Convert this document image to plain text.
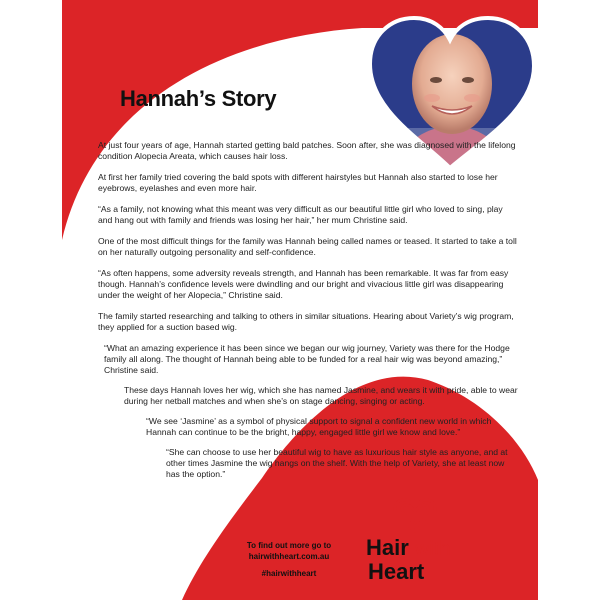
Hannah’s Story

At just four years of age, Hannah started getting bald patches. Soon after, she was diagnosed with the lifelong condition Alopecia Areata, which causes hair loss.

At first her family tried covering the bald spots with different hairstyles but Hannah also started to lose her eyebrows, eyelashes and even more hair.

“As a family, not knowing what this meant was very difficult as our beautiful little girl who loved to sing, play and hang out with family and friends was losing her hair,” her mum Christine said.

One of the most difficult things for the family was Hannah being called names or teased. It started to take a toll on her naturally outgoing personality and self-confidence.

“As often happens, some adversity reveals strength, and Hannah has been remarkable. It was far from easy though. Hannah’s confidence levels were dwindling and our bright and vivacious little girl was disappearing under the weight of her Alopecia,” Christine said.

The family started researching and talking to others in similar situations. Hearing about Variety’s wig program, they applied for a suction based wig.

“What an amazing experience it has been since we began our wig journey, Variety was there for the Hodge family all along. The thought of Hannah being able to be funded for a real hair wig was beyond amazing,” Christine said.

These days Hannah loves her wig, which she has named Jasmine, and wears it with pride, able to wear during her netball matches and when she’s on stage dancing, singing or acting.

“We see ‘Jasmine’ as a symbol of physical support to signal a confident new world in which Hannah can continue to be the bright, happy, engaged little girl we know and love.”

“She can choose to use her beautiful wig to have as luxurious hair style as anyone, and at other times Jasmine the wig hangs on the shelf. With the help of Variety, she at least now has the option.”

variety
the children’s charity
To find out more go to
hairwithheart.com.au
#hairwithheart
Hair with
Heart
